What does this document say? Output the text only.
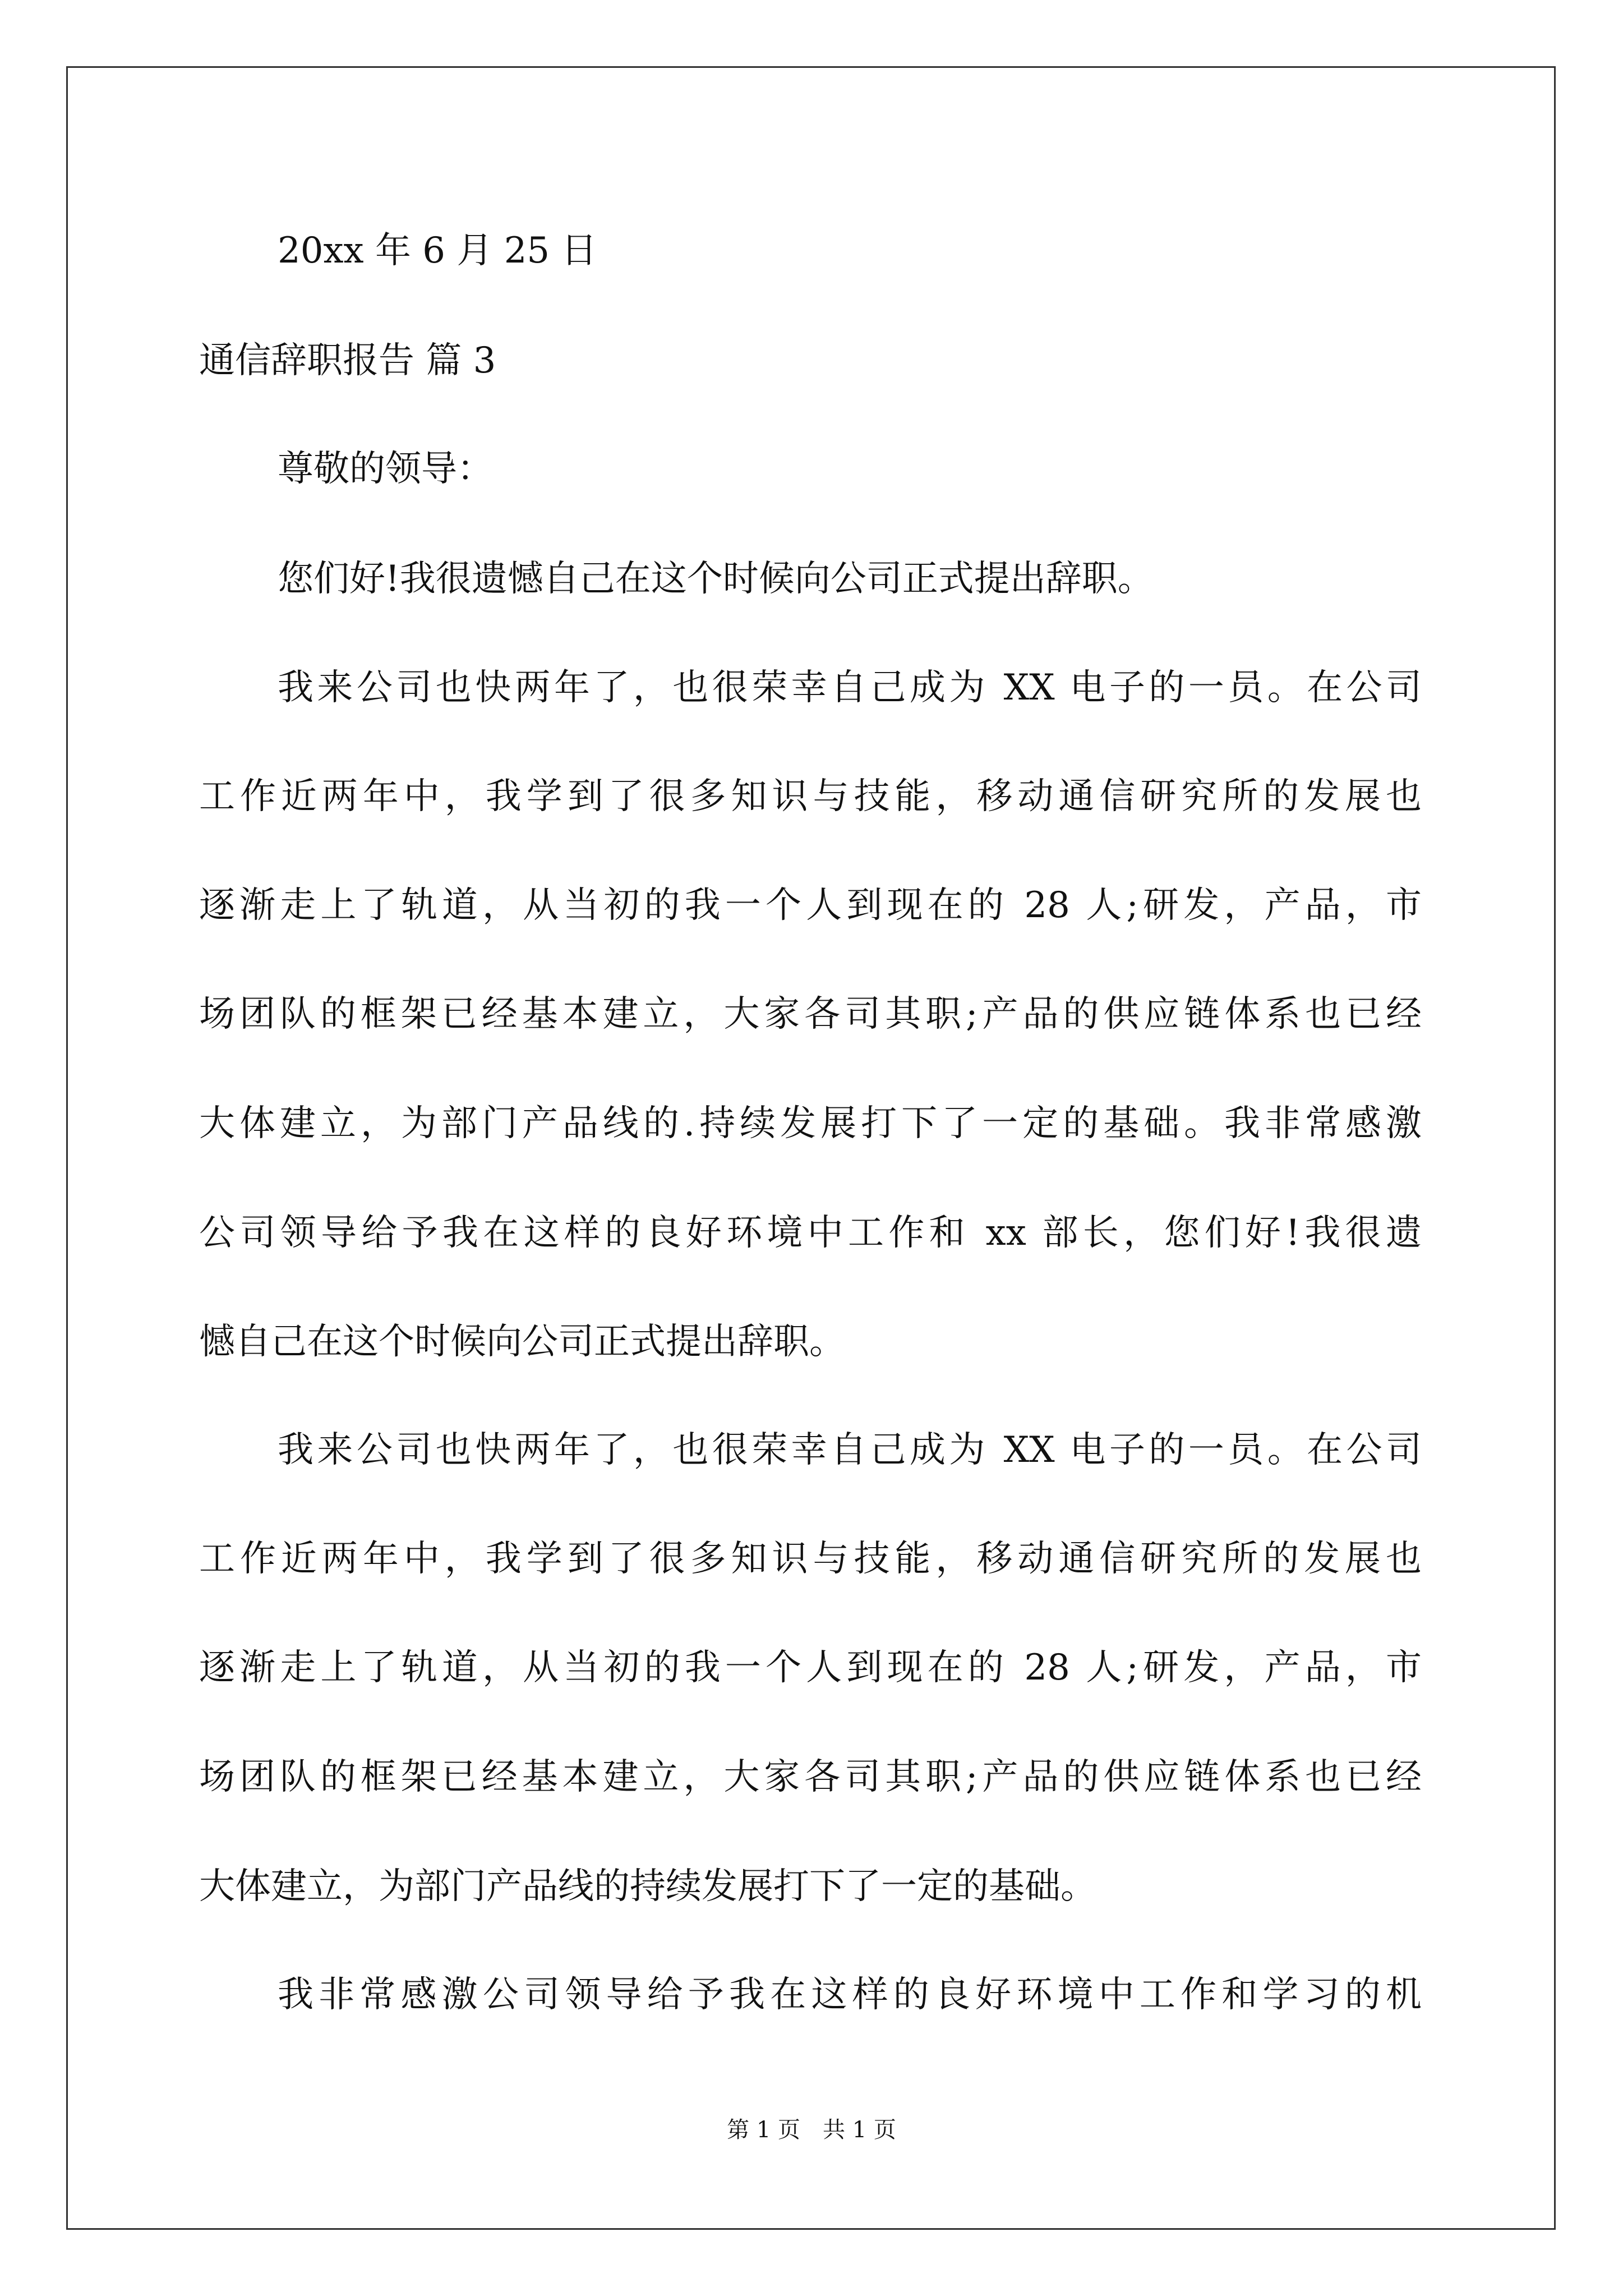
20xx 年 6 月 25 日

通信辞职报告 篇 3

尊敬的领导：

您们好!我很遗憾自己在这个时候向公司正式提出辞职。

我来公司也快两年了，也很荣幸自己成为 XX 电子的一员。在公司

工作近两年中，我学到了很多知识与技能，移动通信研究所的发展也

逐渐走上了轨道，从当初的我一个人到现在的 28 人;研发，产品，市

场团队的框架已经基本建立，大家各司其职;产品的供应链体系也已经

大体建立，为部门产品线的.持续发展打下了一定的基础。我非常感激

公司领导给予我在这样的良好环境中工作和 xx 部长，您们好!我很遗

憾自己在这个时候向公司正式提出辞职。

我来公司也快两年了，也很荣幸自己成为 XX 电子的一员。在公司

工作近两年中，我学到了很多知识与技能，移动通信研究所的发展也

逐渐走上了轨道，从当初的我一个人到现在的 28 人;研发，产品，市

场团队的框架已经基本建立，大家各司其职;产品的供应链体系也已经

大体建立，为部门产品线的持续发展打下了一定的基础。

我非常感激公司领导给予我在这样的良好环境中工作和学习的机

第 1 页　共 1 页
